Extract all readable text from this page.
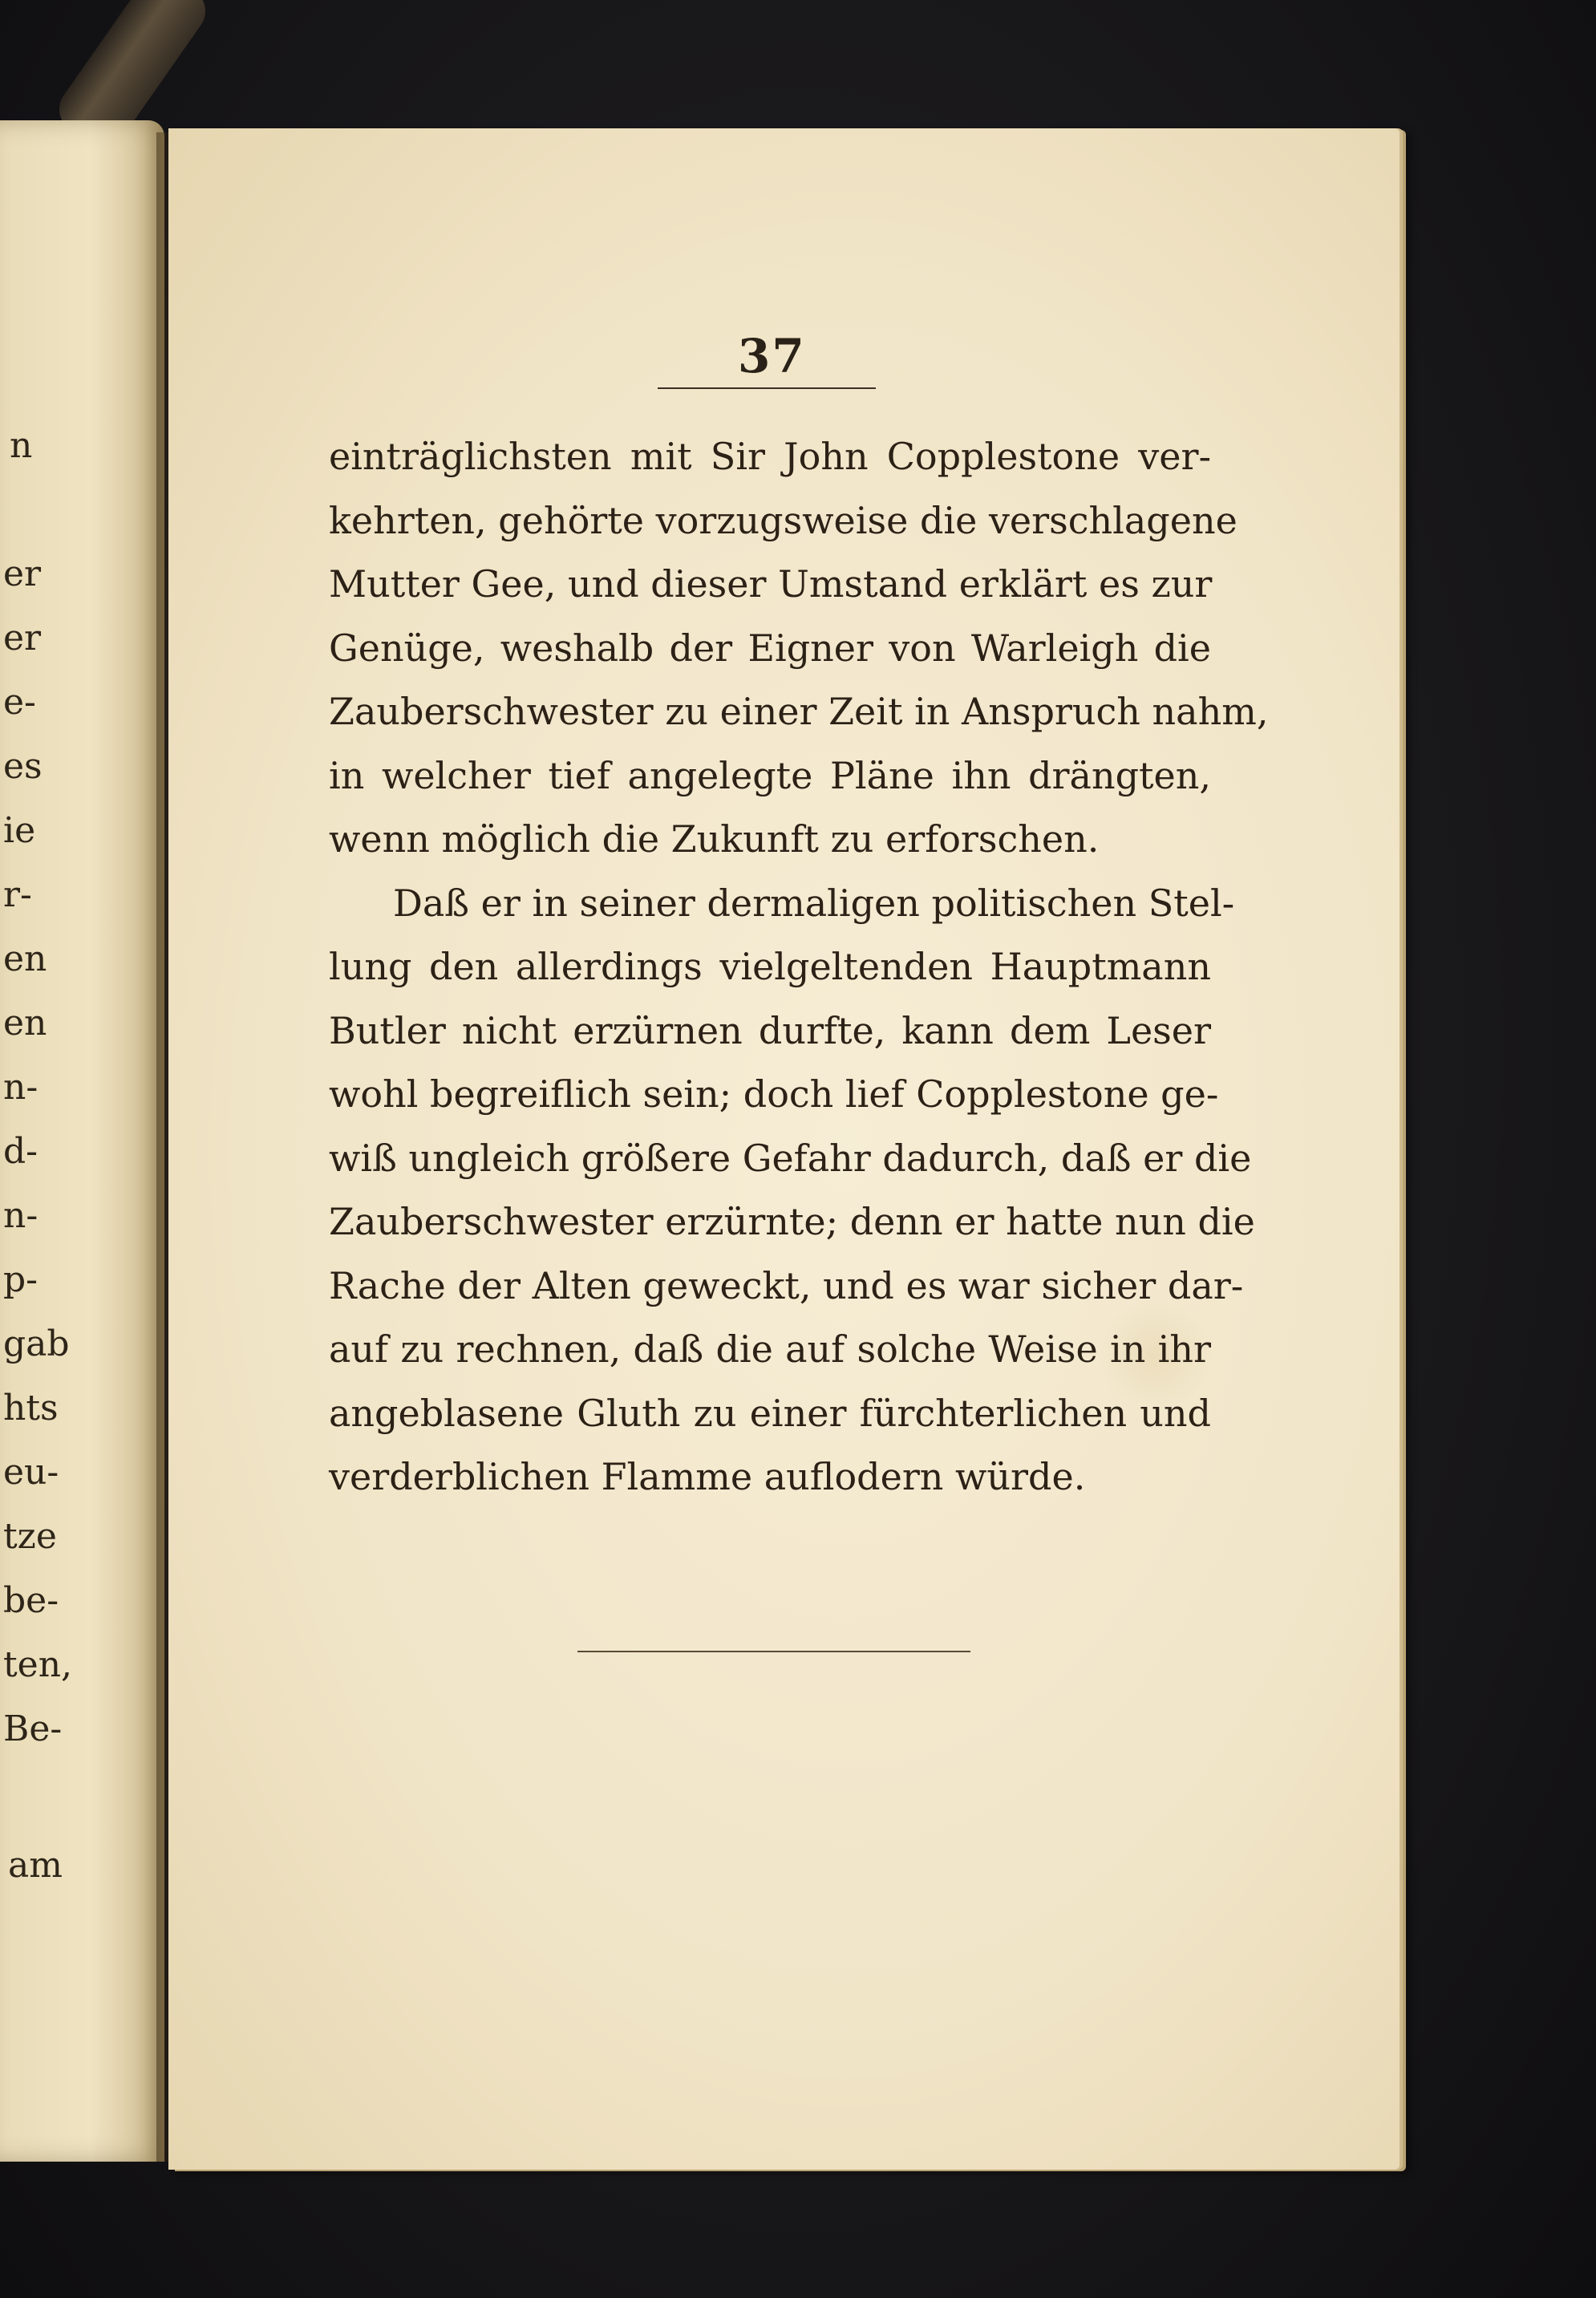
n
er
er
e-
es
ie
r-
en
en
n-
d-
n-
p-
gab
hts
eu-
tze
be-
ten,
Be-
am
37
einträglichsten mit Sir John Copplestone ver-
kehrten, gehörte vorzugsweise die verschlagene
Mutter Gee, und dieser Umstand erklärt es zur
Genüge, weshalb der Eigner von Warleigh die
Zauberschwester zu einer Zeit in Anspruch nahm,
in welcher tief angelegte Pläne ihn drängten,
wenn möglich die Zukunft zu erforschen.
Daß er in seiner dermaligen politischen Stel-
lung den allerdings vielgeltenden Hauptmann
Butler nicht erzürnen durfte, kann dem Leser
wohl begreiflich sein; doch lief Copplestone ge-
wiß ungleich größere Gefahr dadurch, daß er die
Zauberschwester erzürnte; denn er hatte nun die
Rache der Alten geweckt, und es war sicher dar-
auf zu rechnen, daß die auf solche Weise in ihr
angeblasene Gluth zu einer fürchterlichen und
verderblichen Flamme auflodern würde.
